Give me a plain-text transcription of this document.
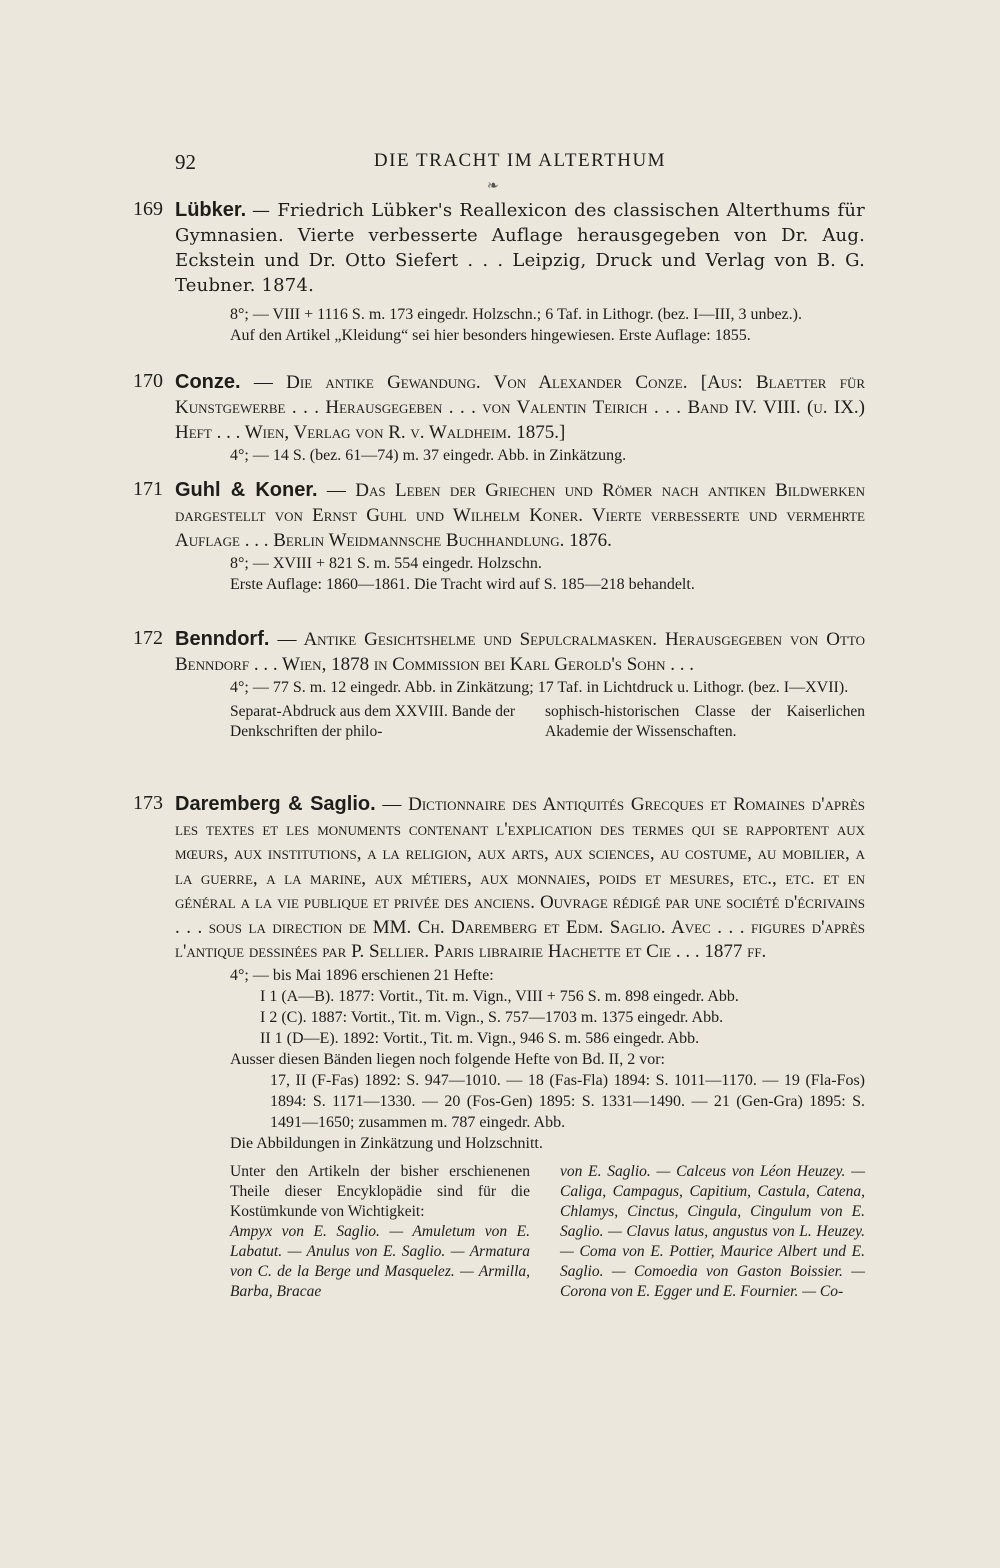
92	DIE TRACHT IM ALTERTHUM
❧
169 Lübker. — Friedrich Lübker's Reallexicon des classischen Alterthums für Gymnasien. Vierte verbesserte Auflage herausgegeben von Dr. Aug. Eckstein und Dr. Otto Siefert . . . Leipzig, Druck und Verlag von B. G. Teubner. 1874.
8°; — VIII + 1116 S. m. 173 eingedr. Holzschn.; 6 Taf. in Lithogr. (bez. I—III, 3 unbez.).
Auf den Artikel „Kleidung“ sei hier besonders hingewiesen. Erste Auflage: 1855.
170 Conze. — Die antike Gewandung. Von Alexander Conze. [Aus: Blaetter für Kunstgewerbe . . . Herausgegeben . . . von Valentin Teirich . . . Band IV. VIII. (u. IX.) Heft . . . Wien, Verlag von R. v. Waldheim. 1875.]
4°; — 14 S. (bez. 61—74) m. 37 eingedr. Abb. in Zinkätzung.
171 Guhl & Koner. — Das Leben der Griechen und Römer nach antiken Bildwerken dargestellt von Ernst Guhl und Wilhelm Koner. Vierte verbesserte und vermehrte Auflage . . . Berlin Weidmannsche Buchhandlung. 1876.
8°; — XVIII + 821 S. m. 554 eingedr. Holzschn.
Erste Auflage: 1860—1861. Die Tracht wird auf S. 185—218 behandelt.
172 Benndorf. — Antike Gesichtshelme und Sepulcralmasken. Herausgegeben von Otto Benndorf . . . Wien, 1878 in Commission bei Karl Gerold's Sohn . . .
4°; — 77 S. m. 12 eingedr. Abb. in Zinkätzung; 17 Taf. in Lichtdruck u. Lithogr. (bez. I—XVII).
Separat-Abdruck aus dem XXVIII. Bande der Denkschriften der philo-
sophisch-historischen Classe der Kaiserlichen Akademie der Wissenschaften.
173 Daremberg & Saglio. — Dictionnaire des Antiquités Grecques et Romaines d'après les textes et les monuments contenant l'explication des termes qui se rapportent aux mœurs, aux institutions, a la religion, aux arts, aux sciences, au costume, au mobilier, a la guerre, a la marine, aux métiers, aux monnaies, poids et mesures, etc., etc. et en général a la vie publique et privée des anciens. Ouvrage rédigé par une société d'écrivains . . . sous la direction de MM. Ch. Daremberg et Edm. Saglio. Avec . . . figures d'après l'antique dessinées par P. Sellier. Paris librairie Hachette et Cie . . . 1877 ff.
4°; — bis Mai 1896 erschienen 21 Hefte:
I 1 (A—B). 1877: Vortit., Tit. m. Vign., VIII + 756 S. m. 898 eingedr. Abb.
I 2 (C). 1887: Vortit., Tit. m. Vign., S. 757—1703 m. 1375 eingedr. Abb.
II 1 (D—E). 1892: Vortit., Tit. m. Vign., 946 S. m. 586 eingedr. Abb.
Ausser diesen Bänden liegen noch folgende Hefte von Bd. II, 2 vor:
17, II (F-Fas) 1892: S. 947—1010. — 18 (Fas-Fla) 1894: S. 1011—1170. — 19 (Fla-Fos) 1894: S. 1171—1330. — 20 (Fos-Gen) 1895: S. 1331—1490. — 21 (Gen-Gra) 1895: S. 1491—1650; zusammen m. 787 eingedr. Abb.
Die Abbildungen in Zinkätzung und Holzschnitt.

Unter den Artikeln der bisher erschienenen Theile dieser Encyklopädie sind für die Kostümkunde von Wichtigkeit:

Ampyx von E. Saglio. — Amuletum von E. Labatut. — Anulus von E. Saglio. — Armatura von C. de la Berge und Masquelez. — Armilla, Barba, Bracae

von E. Saglio. — Calceus von Léon Heuzey. — Caliga, Campagus, Capitium, Castula, Catena, Chlamys, Cinctus, Cingula, Cingulum von E. Saglio. — Clavus latus, angustus von L. Heuzey. — Coma von E. Pottier, Maurice Albert und E. Saglio. — Comoedia von Gaston Boissier. — Corona von E. Egger und E. Fournier. — Co-
